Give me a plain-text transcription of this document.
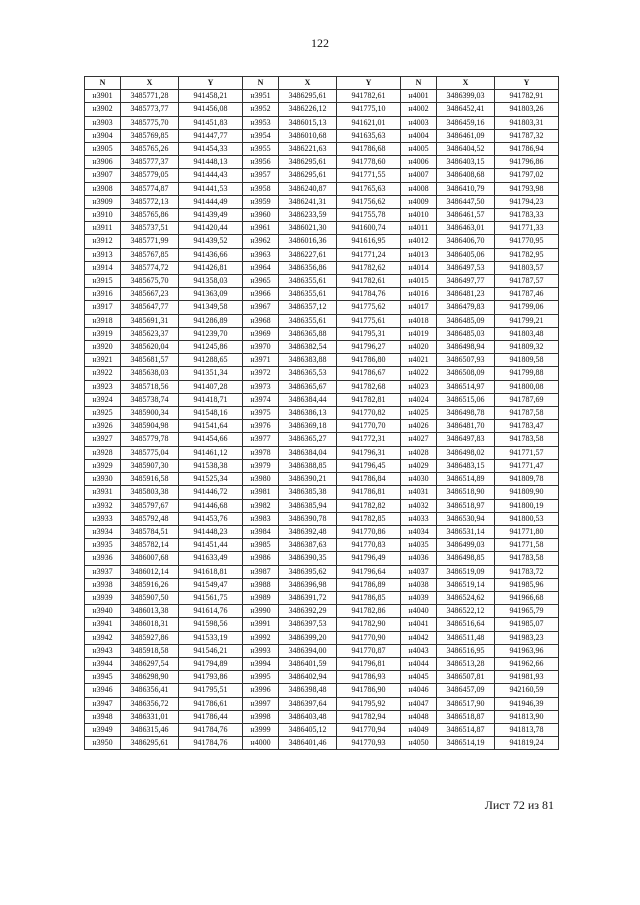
122
N	X	Y	N	X	Y	N	X	Y
н3901	3485771,28	941458,21	н3951	3486295,61	941782,61	н4001	3486399,03	941782,91
н3902	3485773,77	941456,08	н3952	3486226,12	941775,10	н4002	3486452,41	941803,26
н3903	3485775,70	941451,83	н3953	3486015,13	941621,01	н4003	3486459,16	941803,31
н3904	3485769,85	941447,77	н3954	3486010,68	941635,63	н4004	3486461,09	941787,32
н3905	3485765,26	941454,33	н3955	3486221,63	941786,68	н4005	3486404,52	941786,94
н3906	3485777,37	941448,13	н3956	3486295,61	941778,60	н4006	3486403,15	941796,86
н3907	3485779,05	941444,43	н3957	3486295,61	941771,55	н4007	3486408,68	941797,02
н3908	3485774,87	941441,53	н3958	3486240,87	941765,63	н4008	3486410,79	941793,98
н3909	3485772,13	941444,49	н3959	3486241,31	941756,62	н4009	3486447,50	941794,23
н3910	3485765,86	941439,49	н3960	3486233,59	941755,78	н4010	3486461,57	941783,33
н3911	3485737,51	941420,44	н3961	3486021,30	941600,74	н4011	3486463,01	941771,33
н3912	3485771,99	941439,52	н3962	3486016,36	941616,95	н4012	3486406,70	941770,95
н3913	3485767,85	941436,66	н3963	3486227,61	941771,24	н4013	3486405,06	941782,95
н3914	3485774,72	941426,81	н3964	3486356,86	941782,62	н4014	3486497,53	941803,57
н3915	3485675,70	941358,03	н3965	3486355,61	941782,61	н4015	3486497,77	941787,57
н3916	3485667,23	941363,09	н3966	3486355,61	941784,76	н4016	3486481,23	941787,46
н3917	3485647,77	941349,58	н3967	3486357,12	941775,62	н4017	3486479,83	941799,06
н3918	3485691,31	941286,89	н3968	3486355,61	941775,61	н4018	3486485,09	941799,21
н3919	3485623,37	941239,70	н3969	3486365,88	941795,31	н4019	3486485,03	941803,48
н3920	3485620,04	941245,86	н3970	3486382,54	941796,27	н4020	3486498,94	941809,32
н3921	3485681,57	941288,65	н3971	3486383,88	941786,80	н4021	3486507,93	941809,58
н3922	3485638,03	941351,34	н3972	3486365,53	941786,67	н4022	3486508,09	941799,88
н3923	3485718,56	941407,28	н3973	3486365,67	941782,68	н4023	3486514,97	941800,08
н3924	3485738,74	941418,71	н3974	3486384,44	941782,81	н4024	3486515,06	941787,69
н3925	3485900,34	941548,16	н3975	3486386,13	941770,82	н4025	3486498,78	941787,58
н3926	3485904,98	941541,64	н3976	3486369,18	941770,70	н4026	3486481,70	941783,47
н3927	3485779,78	941454,66	н3977	3486365,27	941772,31	н4027	3486497,83	941783,58
н3928	3485775,04	941461,12	н3978	3486384,04	941796,31	н4028	3486498,02	941771,57
н3929	3485907,30	941538,38	н3979	3486388,85	941796,45	н4029	3486483,15	941771,47
н3930	3485916,58	941525,34	н3980	3486390,21	941786,84	н4030	3486514,89	941809,78
н3931	3485803,38	941446,72	н3981	3486385,38	941786,81	н4031	3486518,90	941809,90
н3932	3485797,67	941446,68	н3982	3486385,94	941782,82	н4032	3486518,97	941800,19
н3933	3485792,48	941453,76	н3983	3486390,78	941782,85	н4033	3486530,94	941800,53
н3934	3485784,51	941448,23	н3984	3486392,48	941770,86	н4034	3486531,14	941771,80
н3935	3485782,14	941451,44	н3985	3486387,63	941770,83	н4035	3486499,03	941771,58
н3936	3486007,68	941633,49	н3986	3486390,35	941796,49	н4036	3486498,85	941783,58
н3937	3486012,14	941618,81	н3987	3486395,62	941796,64	н4037	3486519,09	941783,72
н3938	3485916,26	941549,47	н3988	3486396,98	941786,89	н4038	3486519,14	941985,96
н3939	3485907,50	941561,75	н3989	3486391,72	941786,85	н4039	3486524,62	941966,68
н3940	3486013,38	941614,76	н3990	3486392,29	941782,86	н4040	3486522,12	941965,79
н3941	3486018,31	941598,56	н3991	3486397,53	941782,90	н4041	3486516,64	941985,07
н3942	3485927,86	941533,19	н3992	3486399,20	941770,90	н4042	3486511,48	941983,23
н3943	3485918,58	941546,21	н3993	3486394,00	941770,87	н4043	3486516,95	941963,96
н3944	3486297,54	941794,89	н3994	3486401,59	941796,81	н4044	3486513,28	941962,66
н3945	3486298,90	941793,86	н3995	3486402,94	941786,93	н4045	3486507,81	941981,93
н3946	3486356,41	941795,51	н3996	3486398,48	941786,90	н4046	3486457,09	942160,59
н3947	3486356,72	941786,61	н3997	3486397,64	941795,92	н4047	3486517,90	941946,39
н3948	3486331,01	941786,44	н3998	3486403,48	941782,94	н4048	3486518,87	941813,90
н3949	3486315,46	941784,76	н3999	3486405,12	941770,94	н4049	3486514,87	941813,78
н3950	3486295,61	941784,76	н4000	3486401,46	941770,93	н4050	3486514,19	941819,24
Лист 72 из 81
